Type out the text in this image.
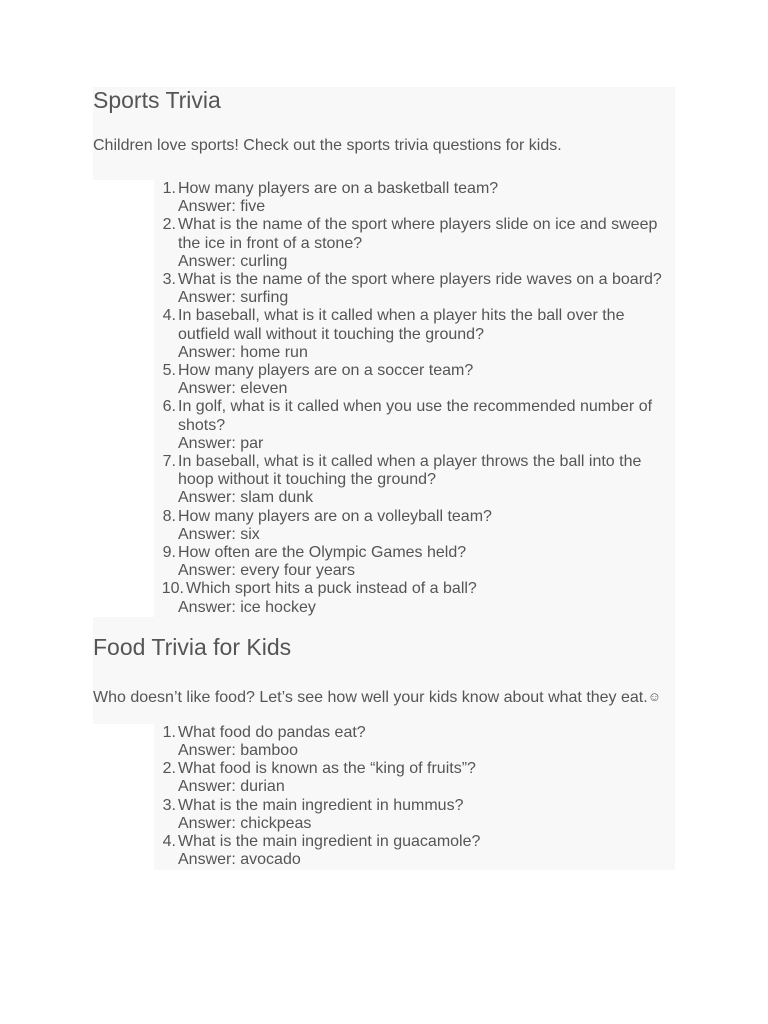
Sports Trivia

Children love sports! Check out the sports trivia questions for kids.

1. How many players are on a basketball team?
Answer: five
2. What is the name of the sport where players slide on ice and sweep the ice in front of a stone?
Answer: curling
3. What is the name of the sport where players ride waves on a board?
Answer: surfing
4. In baseball, what is it called when a player hits the ball over the outfield wall without it touching the ground?
Answer: home run
5. How many players are on a soccer team?
Answer: eleven
6. In golf, what is it called when you use the recommended number of shots?
Answer: par
7. In baseball, what is it called when a player throws the ball into the hoop without it touching the ground?
Answer: slam dunk
8. How many players are on a volleyball team?
Answer: six
9. How often are the Olympic Games held?
Answer: every four years
10. Which sport hits a puck instead of a ball?
Answer: ice hockey
Food Trivia for Kids

Who doesn’t like food? Let’s see how well your kids know about what they eat.☺

1. What food do pandas eat?
Answer: bamboo
2. What food is known as the “king of fruits”?
Answer: durian
3. What is the main ingredient in hummus?
Answer: chickpeas
4. What is the main ingredient in guacamole?
Answer: avocado
